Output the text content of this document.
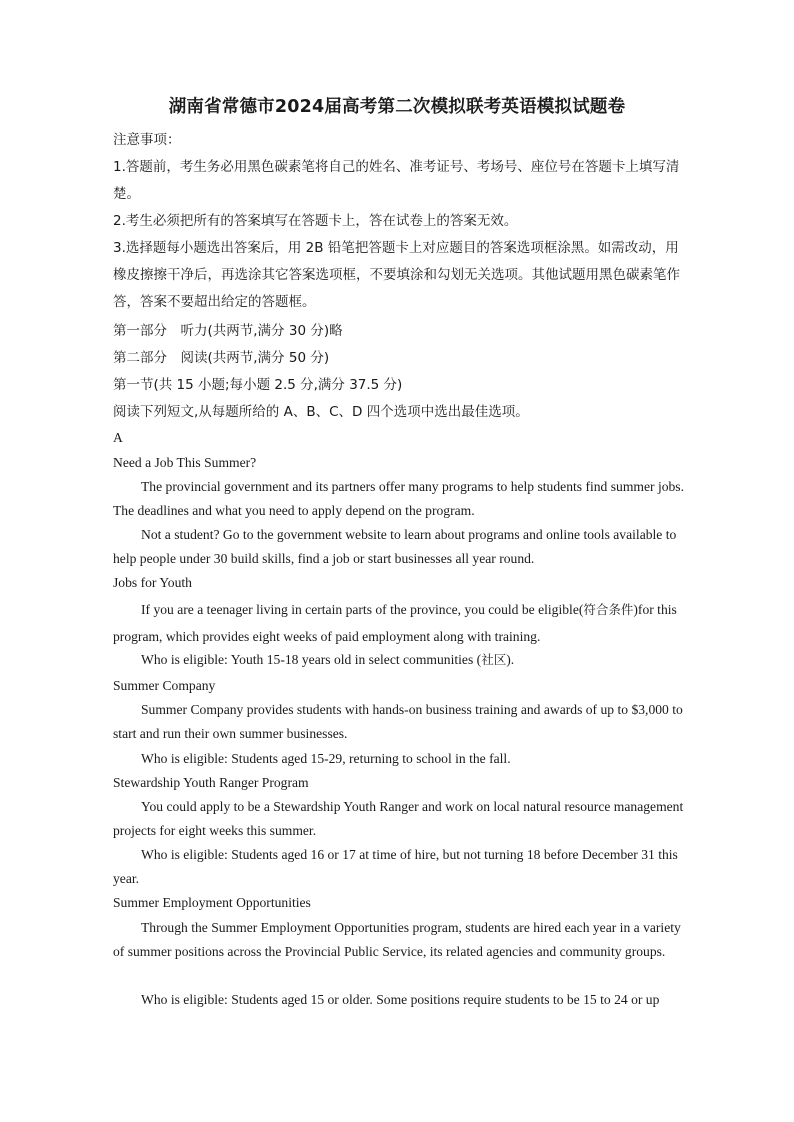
湖南省常德市2024届高考第二次模拟联考英语模拟试题卷

注意事项：

1.答题前，考生务必用黑色碳素笔将自己的姓名、准考证号、考场号、座位号在答题卡上填写清楚。

2.考生必须把所有的答案填写在答题卡上，答在试卷上的答案无效。

3.选择题每小题选出答案后，用 2B 铅笔把答题卡上对应题目的答案选项框涂黑。如需改动，用橡皮擦擦干净后，再选涂其它答案选项框，不要填涂和勾划无关选项。其他试题用黑色碳素笔作答，答案不要超出给定的答题框。

第一部分　听力(共两节,满分 30 分)略

第二部分　阅读(共两节,满分 50 分)

第一节(共 15 小题;每小题 2.5 分,满分 37.5 分)

阅读下列短文,从每题所给的 A、B、C、D 四个选项中选出最佳选项。

A

Need a Job This Summer?

The provincial government and its partners offer many programs to help students find summer jobs. The deadlines and what you need to apply depend on the program.

Not a student? Go to the government website to learn about programs and online tools available to help people under 30 build skills, find a job or start businesses all year round.

Jobs for Youth

If you are a teenager living in certain parts of the province, you could be eligible(符合条件)for this program, which provides eight weeks of paid employment along with training.

Who is eligible: Youth 15-18 years old in select communities (社区).

Summer Company

Summer Company provides students with hands-on business training and awards of up to $3,000 to start and run their own summer businesses.

Who is eligible: Students aged 15-29, returning to school in the fall.

Stewardship Youth Ranger Program

You could apply to be a Stewardship Youth Ranger and work on local natural resource management projects for eight weeks this summer.

Who is eligible: Students aged 16 or 17 at time of hire, but not turning 18 before December 31 this year.

Summer Employment Opportunities

Through the Summer Employment Opportunities program, students are hired each year in a variety of summer positions across the Provincial Public Service, its related agencies and community groups.

Who is eligible: Students aged 15 or older. Some positions require students to be 15 to 24 or up
